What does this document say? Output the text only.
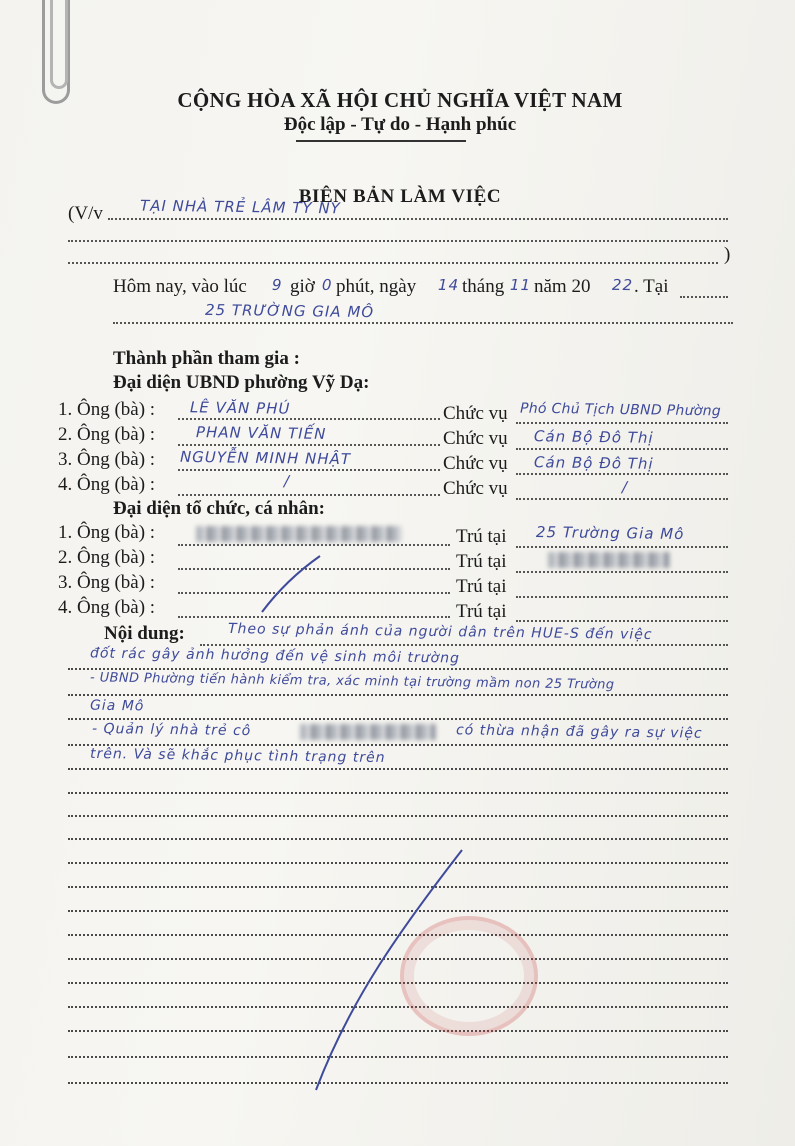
CỘNG HÒA XÃ HỘI CHỦ NGHĨA VIỆT NAM
Độc lập - Tự do - Hạnh phúc
BIÊN BẢN LÀM VIỆC
(V/v TẠI NHÀ TRẺ LÂM TỲ NY
)
Hôm nay, vào lúc 9 giờ 0 phút, ngày 14 tháng 11 năm 20 22 . Tại
25 TRƯỜNG GIA MÔ
Thành phần tham gia :
Đại diện UBND phường Vỹ Dạ:
1. Ông (bà) : LÊ VĂN PHÚ	Chức vụ Phó Chủ Tịch UBND Phường
2. Ông (bà) :	PHAN VĂN TIẾN	Chức vụ Cán Bộ Đô Thị
3. Ông (bà) : NGUYỄN MINH NHẬT	Chức vụ Cán Bộ Đô Thị
4. Ông (bà) :	/	Chức vụ	/
Đại diện tổ chức, cá nhân:
1. Ông (bà) :	Trú tại 25 Trường Gia Mô
2. Ông (bà) :	Trú tại
3. Ông (bà) :	Trú tại
4. Ông (bà) :	Trú tại
Nội dung:	Theo sự phản ánh của người dân trên HUE-S đến việc
đốt rác gây ảnh hưởng đến vệ sinh môi trường
- UBND Phường tiến hành kiểm tra, xác minh tại trường mầm non 25 Trường
Gia Mô
- Quản lý nhà trẻ cô	có thừa nhận đã gây ra sự việc
trên. Và sẽ khắc phục tình trạng trên
